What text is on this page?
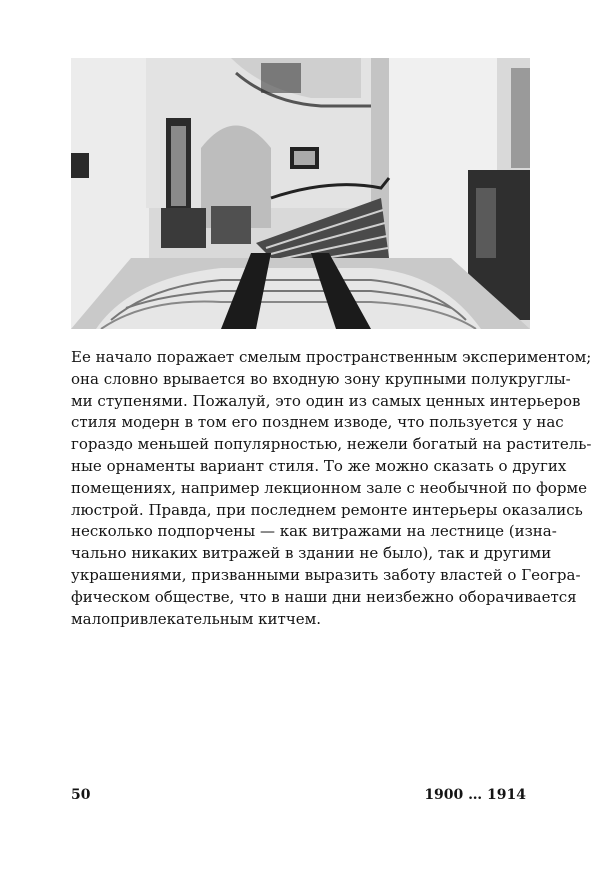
Ее начало поражает смелым пространственным экспериментом;
она словно врывается во входную зону крупными полукруглы-
ми ступенями. Пожалуй, это один из самых ценных интерьеров
стиля модерн в том его позднем изводе, что пользуется у нас
гораздо меньшей популярностью, нежели богатый на раститель-
ные орнаменты вариант стиля. То же можно сказать о других
помещениях, например лекционном зале с необычной по форме
люстрой. Правда, при последнем ремонте интерьеры оказались
несколько подпорчены — как витражами на лестнице (изна-
чально никаких витражей в здании не было), так и другими
украшениями, призванными выразить заботу властей о Геогра-
фическом обществе, что в наши дни неизбежно оборачивается
малопривлекательным китчем.
50	1900 … 1914
